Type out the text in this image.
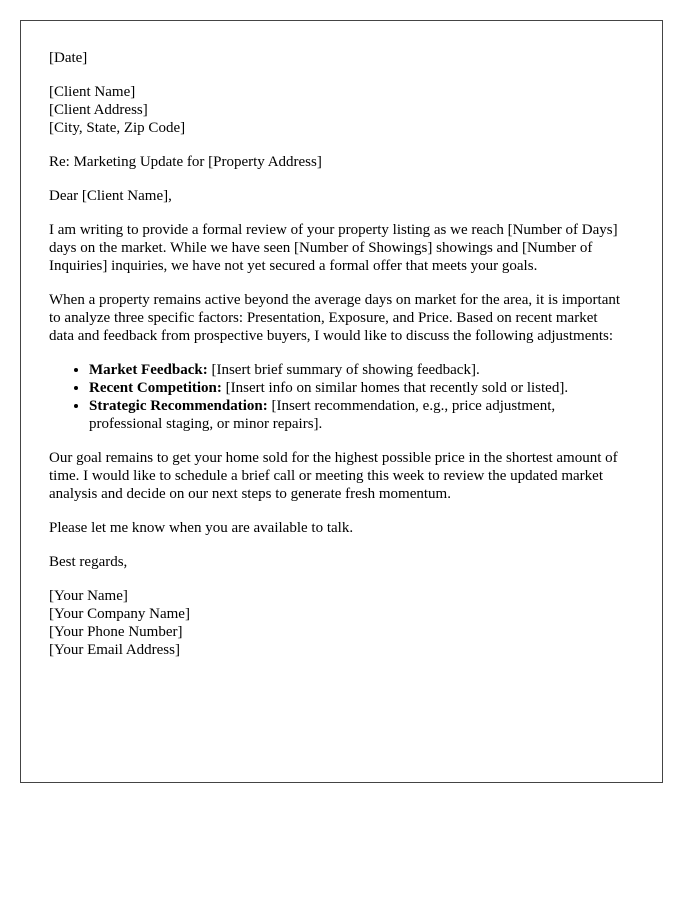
[Date]

[Client Name]
[Client Address]
[City, State, Zip Code]

Re: Marketing Update for [Property Address]

Dear [Client Name],

I am writing to provide a formal review of your property listing as we reach [Number of Days] days on the market. While we have seen [Number of Showings] showings and [Number of Inquiries] inquiries, we have not yet secured a formal offer that meets your goals.

When a property remains active beyond the average days on market for the area, it is important to analyze three specific factors: Presentation, Exposure, and Price. Based on recent market data and feedback from prospective buyers, I would like to discuss the following adjustments:

• Market Feedback: [Insert brief summary of showing feedback].
• Recent Competition: [Insert info on similar homes that recently sold or listed].
• Strategic Recommendation: [Insert recommendation, e.g., price adjustment, professional staging, or minor repairs].

Our goal remains to get your home sold for the highest possible price in the shortest amount of time. I would like to schedule a brief call or meeting this week to review the updated market analysis and decide on our next steps to generate fresh momentum.

Please let me know when you are available to talk.

Best regards,

[Your Name]
[Your Company Name]
[Your Phone Number]
[Your Email Address]
